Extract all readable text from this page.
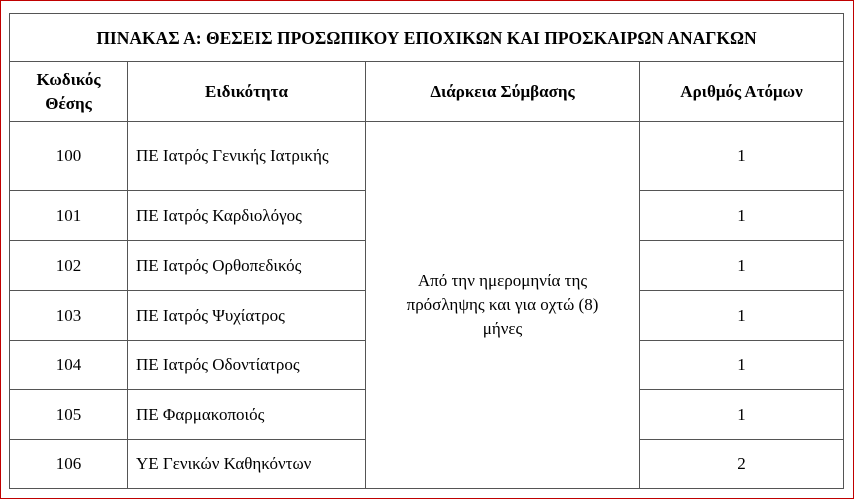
ΠΙΝΑΚΑΣ Α: ΘΕΣΕΙΣ ΠΡΟΣΩΠΙΚΟΥ ΕΠΟΧΙΚΩΝ ΚΑΙ ΠΡΟΣΚΑΙΡΩΝ ΑΝΑΓΚΩΝ			

Κωδικός
Θέσης	Ειδικότητα	Διάρκεια Σύμβασης	Αριθμός Ατόμων
100	ΠΕ Ιατρός Γενικής Ιατρικής	Από την ημερομηνία της πρόσληψης και για οχτώ (8) μήνες	1
101	ΠΕ Ιατρός Καρδιολόγος		1
102	ΠΕ Ιατρός Ορθοπεδικός		1
103	ΠΕ Ιατρός Ψυχίατρος		1
104	ΠΕ Ιατρός Οδοντίατρος		1
105	ΠΕ Φαρμακοποιός		1
106	ΥΕ Γενικών Καθηκόντων		2
